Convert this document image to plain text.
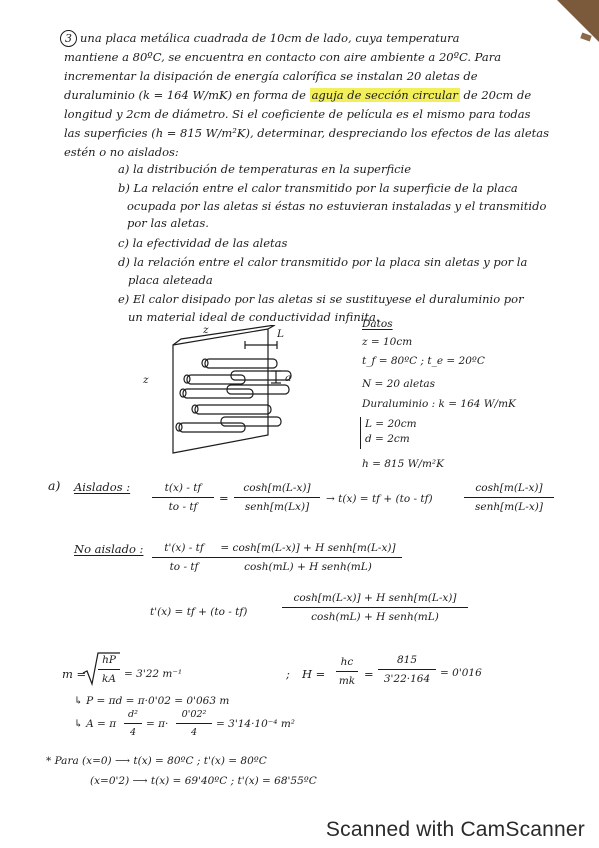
3 una placa metálica cuadrada de 10cm de lado, cuya temperatura
mantiene a 80ºC, se encuentra en contacto con aire ambiente a 20ºC. Para
incrementar la disipación de energía calorífica se instalan 20 aletas de
duraluminio (k = 164 W/mK) en forma de aguja de sección circular de 20cm de
longitud y 2cm de diámetro. Si el coeficiente de película es el mismo para todas
las superficies (h = 815 W/m²K), determinar, despreciando los efectos de las aletas
estén o no aislados:
a) la distribución de temperaturas en la superficie
b) La relación entre el calor transmitido por la superficie de la placa
ocupada por las aletas si éstas no estuvieran instaladas y el transmitido
por las aletas.
c) la efectividad de las aletas
d) la relación entre el calor transmitido por la placa sin aletas y por la
placa aleteada
e) El calor disipado por las aletas si se sustituyese el duraluminio por
un material ideal de conductividad infinita.
z
z
L
a
Datos
z = 10cm
t_f = 80ºC ; t_e = 20ºC
N = 20 aletas
Duraluminio : k = 164 W/mK
L = 20cm
d = 2cm
h = 815 W/m²K
a) Aislados :	t(x) - tf
to - tf
=
cosh[m(L-x)]
senh[m(Lx)]
→ t(x) = tf + (to - tf)
cosh[m(L-x)]
senh[m(L-x)]
No aislado :	t'(x) - tf
to - tf
= cosh[m(L-x)] + H senh[m(L-x)]
cosh(mL) + H senh(mL)
t'(x) = tf + (to - tf)
cosh[m(L-x)] + H senh[m(L-x)]
cosh(mL) + H senh(mL)
m =
hP
kA = 3'22 m⁻¹	; H =
hc
mk =
815
3'22·164 = 0'016
↳ P = πd = π·0'02 = 0'063 m
↳ A = π
d²
4
= π·
0'02²
4
= 3'14·10⁻⁴ m²
* Para (x=0) ⟶ t(x) = 80ºC ; t'(x) = 80ºC
(x=0'2) ⟶ t(x) = 69'40ºC ; t'(x) = 68'55ºC
Scanned with CamScanner
